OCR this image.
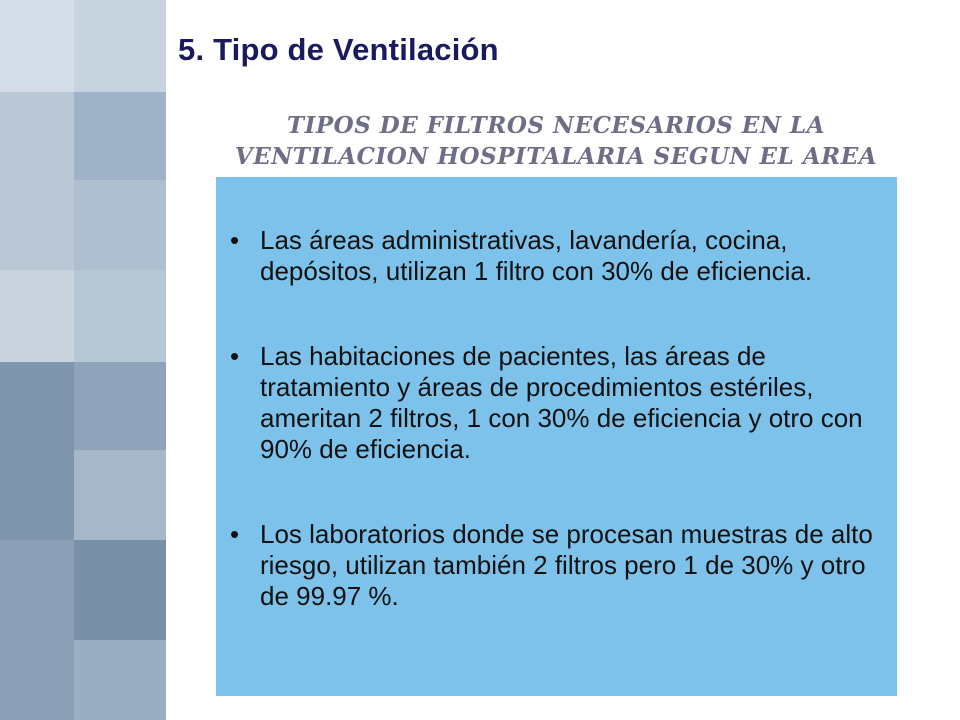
5. Tipo de Ventilación
TIPOS DE FILTROS NECESARIOS EN LA
VENTILACION HOSPITALARIA SEGUN EL AREA
• Las áreas administrativas, lavandería, cocina, depósitos, utilizan 1 filtro con 30% de eficiencia.
• Las habitaciones de pacientes, las áreas de tratamiento y áreas de procedimientos estériles, ameritan 2 filtros, 1 con 30% de eficiencia y otro con 90% de eficiencia.
• Los laboratorios donde se procesan muestras de alto riesgo, utilizan también 2 filtros pero 1 de 30% y otro de 99.97 %.
